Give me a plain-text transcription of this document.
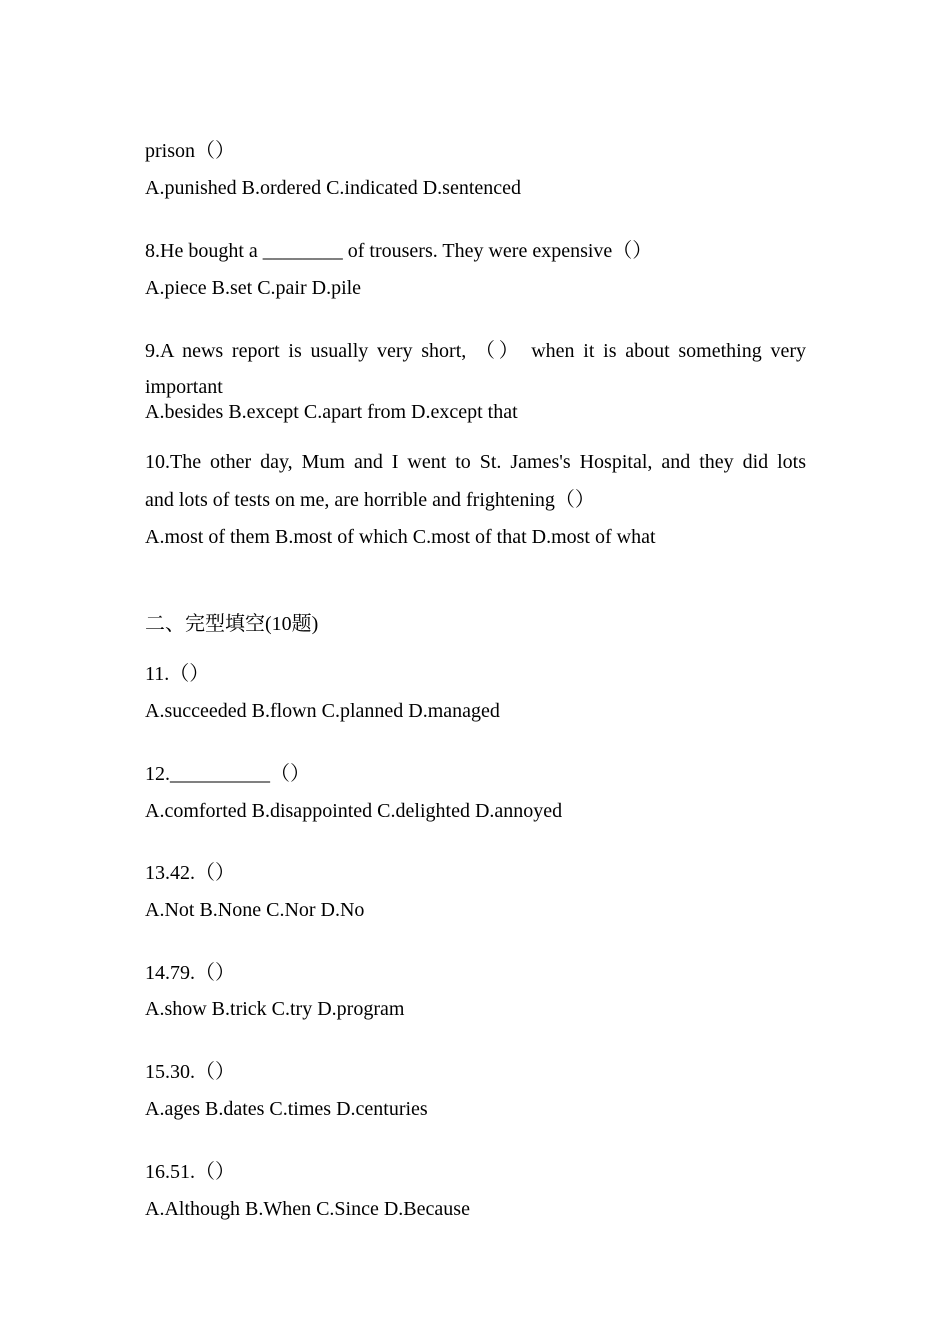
prison（）
A.punished B.ordered C.indicated D.sentenced
8.He bought a ________ of trousers. They were expensive（）
A.piece B.set C.pair D.pile
9.A news report is usually very short, （） when it is about something very
important
A.besides B.except C.apart from D.except that
10.The other day, Mum and I went to St. James's Hospital, and they did lots
and lots of tests on me, are horrible and frightening（）
A.most of them B.most of which C.most of that D.most of what
二、完型填空(10题)
11.（）
A.succeeded B.flown C.planned D.managed
12.__________（）
A.comforted B.disappointed C.delighted D.annoyed
13.42.（）
A.Not B.None C.Nor D.No
14.79.（）
A.show B.trick C.try D.program
15.30.（）
A.ages B.dates C.times D.centuries
16.51.（）
A.Although B.When C.Since D.Because
